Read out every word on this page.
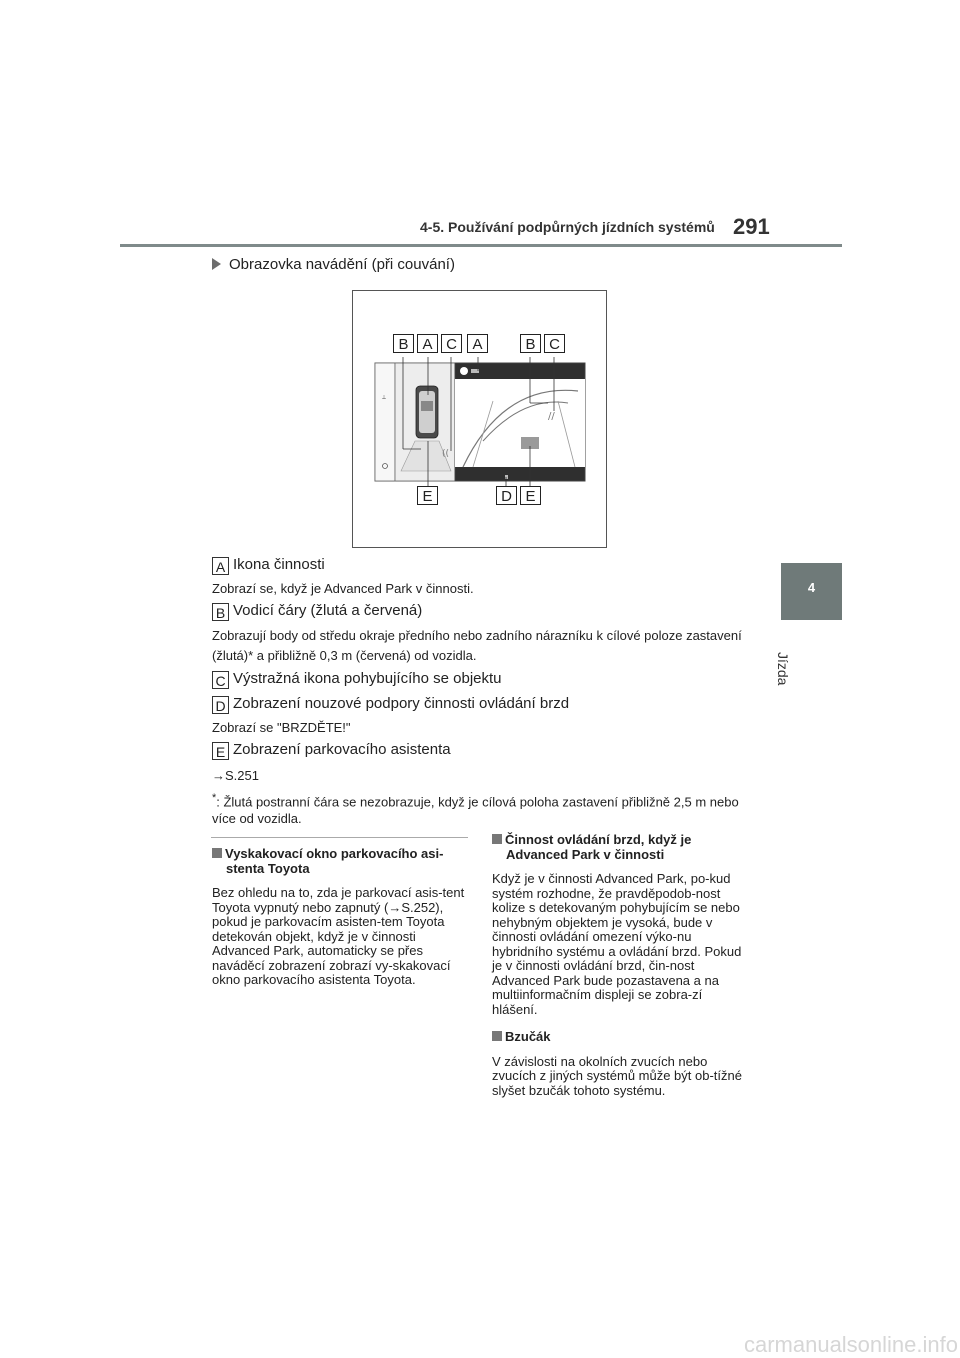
4-5. Používání podpůrných jízdních systémů 291
4
Jízda
Obrazovka navádění (při couvání)
⟂
((
//
B A C	A	B C
E	D E
A Ikona činnosti
Zobrazí se, když je Advanced Park v činnosti.
B Vodicí čáry (žlutá a červená)
Zobrazují body od středu okraje předního nebo zadního nárazníku k cílové poloze zastavení (žlutá)* a přibližně 0,3 m (červená) od vozidla.
C Výstražná ikona pohybujícího se objektu
D Zobrazení nouzové podpory činnosti ovládání brzd
Zobrazí se "BRZDĚTE!"
E Zobrazení parkovacího asistenta
→S.251
*: Žlutá postranní čára se nezobrazuje, když je cílová poloha zastavení přibližně 2,5 m nebo více od vozidla.
Vyskakovací okno parkovacího asi-stenta Toyota
Bez ohledu na to, zda je parkovací asis-tent Toyota vypnutý nebo zapnutý (→S.252), pokud je parkovacím asisten-tem Toyota detekován objekt, když je v činnosti Advanced Park, automaticky se přes naváděcí zobrazení zobrazí vy-skakovací okno parkovacího asistenta Toyota.
Činnost ovládání brzd, když je Advanced Park v činnosti
Když je v činnosti Advanced Park, po-kud systém rozhodne, že pravděpodob-nost kolize s detekovaným pohybujícím se nebo nehybným objektem je vysoká, bude v činnosti ovládání omezení výko-nu hybridního systému a ovládání brzd. Pokud je v činnosti ovládání brzd, čin-nost Advanced Park bude pozastavena a na multiinformačním displeji se zobra-zí hlášení.
Bzučák
V závislosti na okolních zvucích nebo zvucích z jiných systémů může být ob-tížné slyšet bzučák tohoto systému.
carmanualsonline.info
